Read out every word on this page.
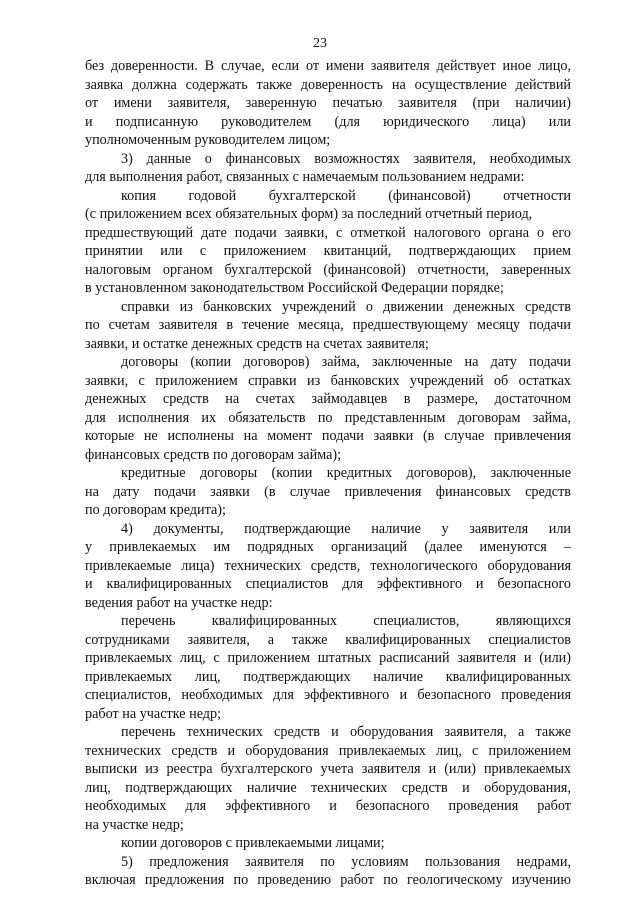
23
без доверенности. В случае, если от имени заявителя действует иное лицо,
заявка должна содержать также доверенность на осуществление действий
от имени заявителя, заверенную печатью заявителя (при наличии)
и подписанную руководителем (для юридического лица) или
уполномоченным руководителем лицом;
3) данные о финансовых возможностях заявителя, необходимых
для выполнения работ, связанных с намечаемым пользованием недрами:
копия годовой бухгалтерской (финансовой) отчетности
(с приложением всех обязательных форм) за последний отчетный период,
предшествующий дате подачи заявки, с отметкой налогового органа о его
принятии или с приложением квитанций, подтверждающих прием
налоговым органом бухгалтерской (финансовой) отчетности, заверенных
в установленном законодательством Российской Федерации порядке;
справки из банковских учреждений о движении денежных средств
по счетам заявителя в течение месяца, предшествующему месяцу подачи
заявки, и остатке денежных средств на счетах заявителя;
договоры (копии договоров) займа, заключенные на дату подачи
заявки, с приложением справки из банковских учреждений об остатках
денежных средств на счетах займодавцев в размере, достаточном
для исполнения их обязательств по представленным договорам займа,
которые не исполнены на момент подачи заявки (в случае привлечения
финансовых средств по договорам займа);
кредитные договоры (копии кредитных договоров), заключенные
на дату подачи заявки (в случае привлечения финансовых средств
по договорам кредита);
4) документы, подтверждающие наличие у заявителя или
у привлекаемых им подрядных организаций (далее именуются –
привлекаемые лица) технических средств, технологического оборудования
и квалифицированных специалистов для эффективного и безопасного
ведения работ на участке недр:
перечень квалифицированных специалистов, являющихся
сотрудниками заявителя, а также квалифицированных специалистов
привлекаемых лиц, с приложением штатных расписаний заявителя и (или)
привлекаемых лиц, подтверждающих наличие квалифицированных
специалистов, необходимых для эффективного и безопасного проведения
работ на участке недр;
перечень технических средств и оборудования заявителя, а также
технических средств и оборудования привлекаемых лиц, с приложением
выписки из реестра бухгалтерского учета заявителя и (или) привлекаемых
лиц, подтверждающих наличие технических средств и оборудования,
необходимых для эффективного и безопасного проведения работ
на участке недр;
копии договоров с привлекаемыми лицами;
5) предложения заявителя по условиям пользования недрами,
включая предложения по проведению работ по геологическому изучению
